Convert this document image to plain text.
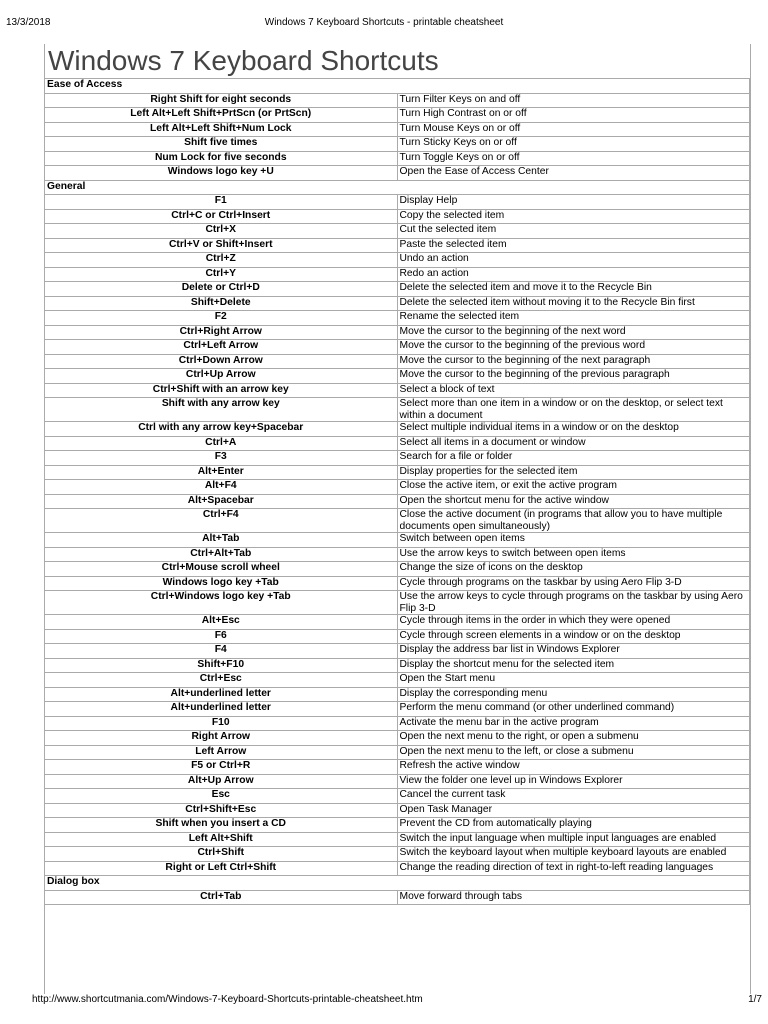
13/3/2018	Windows 7 Keyboard Shortcuts - printable cheatsheet
Windows 7 Keyboard Shortcuts
Ease of Access	
Right Shift for eight seconds	Turn Filter Keys on and off
Left Alt+Left Shift+PrtScn (or PrtScn)	Turn High Contrast on or off
Left Alt+Left Shift+Num Lock	Turn Mouse Keys on or off
Shift five times	Turn Sticky Keys on or off
Num Lock for five seconds	Turn Toggle Keys on or off
Windows logo key +U	Open the Ease of Access Center
General	
F1	Display Help
Ctrl+C or Ctrl+Insert	Copy the selected item
Ctrl+X	Cut the selected item
Ctrl+V or Shift+Insert	Paste the selected item
Ctrl+Z	Undo an action
Ctrl+Y	Redo an action
Delete or Ctrl+D	Delete the selected item and move it to the Recycle Bin
Shift+Delete	Delete the selected item without moving it to the Recycle Bin first
F2	Rename the selected item
Ctrl+Right Arrow	Move the cursor to the beginning of the next word
Ctrl+Left Arrow	Move the cursor to the beginning of the previous word
Ctrl+Down Arrow	Move the cursor to the beginning of the next paragraph
Ctrl+Up Arrow	Move the cursor to the beginning of the previous paragraph
Ctrl+Shift with an arrow key	Select a block of text
Shift with any arrow key	Select more than one item in a window or on the desktop, or select text within a document
Ctrl with any arrow key+Spacebar	Select multiple individual items in a window or on the desktop
Ctrl+A	Select all items in a document or window
F3	Search for a file or folder
Alt+Enter	Display properties for the selected item
Alt+F4	Close the active item, or exit the active program
Alt+Spacebar	Open the shortcut menu for the active window
Ctrl+F4	Close the active document (in programs that allow you to have multiple documents open simultaneously)
Alt+Tab	Switch between open items
Ctrl+Alt+Tab	Use the arrow keys to switch between open items
Ctrl+Mouse scroll wheel	Change the size of icons on the desktop
Windows logo key +Tab	Cycle through programs on the taskbar by using Aero Flip 3-D
Ctrl+Windows logo key +Tab	Use the arrow keys to cycle through programs on the taskbar by using Aero Flip 3-D
Alt+Esc	Cycle through items in the order in which they were opened
F6	Cycle through screen elements in a window or on the desktop
F4	Display the address bar list in Windows Explorer
Shift+F10	Display the shortcut menu for the selected item
Ctrl+Esc	Open the Start menu
Alt+underlined letter	Display the corresponding menu
Alt+underlined letter	Perform the menu command (or other underlined command)
F10	Activate the menu bar in the active program
Right Arrow	Open the next menu to the right, or open a submenu
Left Arrow	Open the next menu to the left, or close a submenu
F5 or Ctrl+R	Refresh the active window
Alt+Up Arrow	View the folder one level up in Windows Explorer
Esc	Cancel the current task
Ctrl+Shift+Esc	Open Task Manager
Shift when you insert a CD	Prevent the CD from automatically playing
Left Alt+Shift	Switch the input language when multiple input languages are enabled
Ctrl+Shift	Switch the keyboard layout when multiple keyboard layouts are enabled
Right or Left Ctrl+Shift	Change the reading direction of text in right-to-left reading languages
Dialog box	
Ctrl+Tab	Move forward through tabs
http://www.shortcutmania.com/Windows-7-Keyboard-Shortcuts-printable-cheatsheet.htm	1/7
